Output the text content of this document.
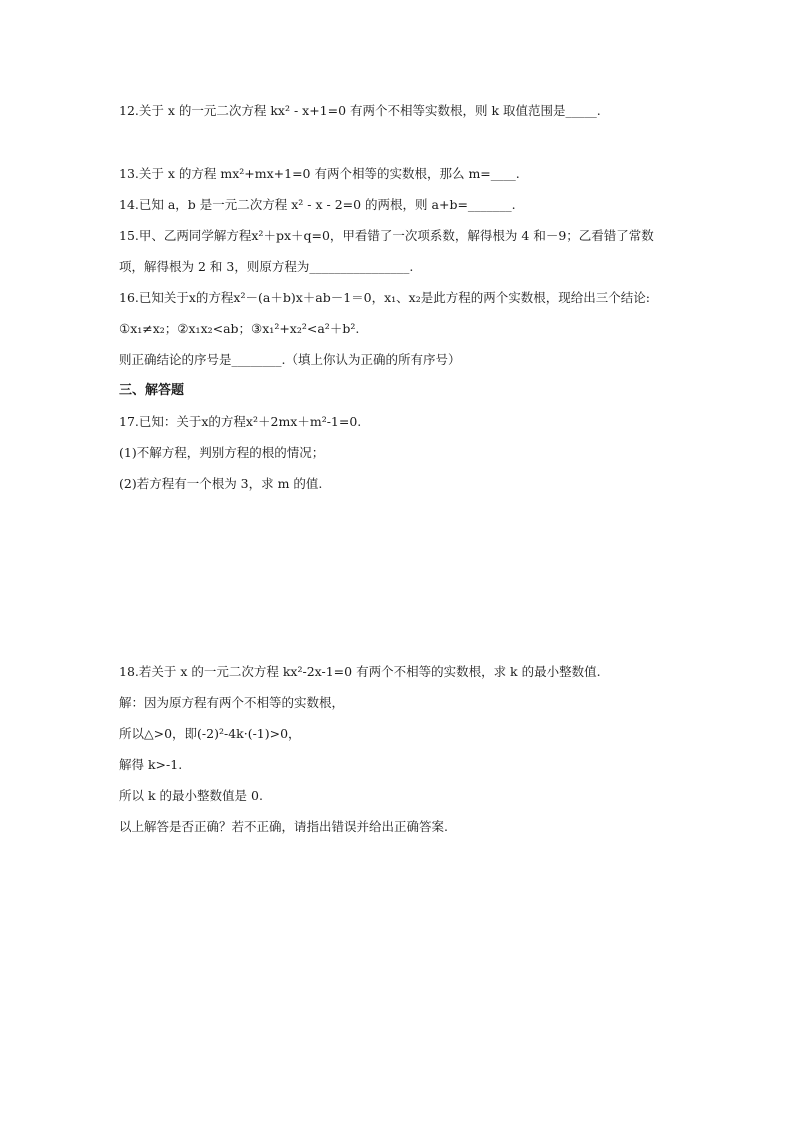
12.关于 x 的一元二次方程 kx² - x+1=0 有两个不相等实数根，则 k 取值范围是_____.
13.关于 x 的方程 mx²+mx+1=0 有两个相等的实数根，那么 m=____.
14.已知 a，b 是一元二次方程 x² - x - 2=0 的两根，则 a+b=_______.
15.甲、乙两同学解方程x²＋px＋q=0，甲看错了一次项系数，解得根为 4 和－9；乙看错了常数
项，解得根为 2 和 3，则原方程为________________.
16.已知关于x的方程x²－(a＋b)x＋ab－1＝0，x₁、x₂是此方程的两个实数根，现给出三个结论:
①x₁≠x₂；②x₁x₂<ab；③x₁²+x₂²<a²＋b².
则正确结论的序号是________.（填上你认为正确的所有序号）
三、解答题
17.已知：关于x的方程x²＋2mx＋m²-1=0.
(1)不解方程，判别方程的根的情况；
(2)若方程有一个根为 3，求 m 的值.
18.若关于 x 的一元二次方程 kx²-2x-1=0 有两个不相等的实数根，求 k 的最小整数值.
解：因为原方程有两个不相等的实数根，
所以△>0，即(-2)²-4k·(-1)>0，
解得 k>-1.
所以 k 的最小整数值是 0.
以上解答是否正确？若不正确，请指出错误并给出正确答案.
